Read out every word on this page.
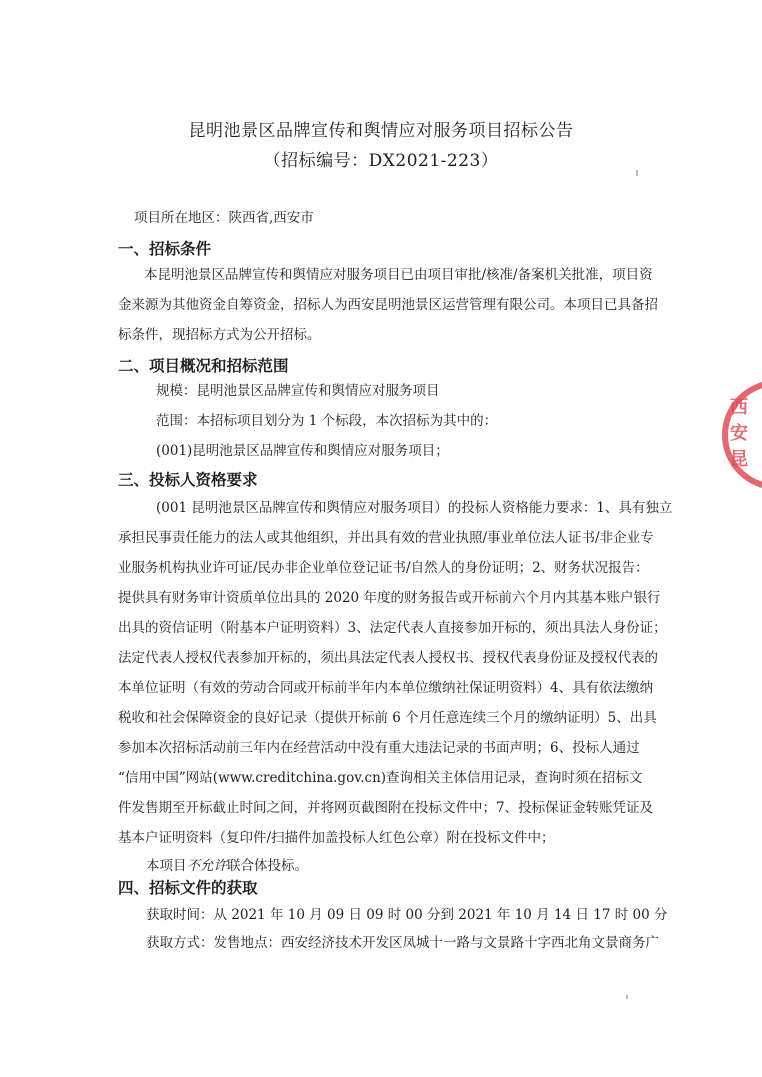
昆明池景区品牌宣传和舆情应对服务项目招标公告
（招标编号：DX2021-223）
项目所在地区：陕西省,西安市
一、招标条件
本昆明池景区品牌宣传和舆情应对服务项目已由项目审批/核准/备案机关批准，项目资
金来源为其他资金自筹资金，招标人为西安昆明池景区运营管理有限公司。本项目已具备招
标条件，现招标方式为公开招标。
二、项目概况和招标范围
规模：昆明池景区品牌宣传和舆情应对服务项目
范围：本招标项目划分为 1 个标段，本次招标为其中的：
(001)昆明池景区品牌宣传和舆情应对服务项目；
三、投标人资格要求
(001 昆明池景区品牌宣传和舆情应对服务项目）的投标人资格能力要求：1、具有独立
承担民事责任能力的法人或其他组织，并出具有效的营业执照/事业单位法人证书/非企业专
业服务机构执业许可证/民办非企业单位登记证书/自然人的身份证明；2、财务状况报告：
提供具有财务审计资质单位出具的 2020 年度的财务报告或开标前六个月内其基本账户银行
出具的资信证明（附基本户证明资料）3、法定代表人直接参加开标的，须出具法人身份证；
法定代表人授权代表参加开标的，须出具法定代表人授权书、授权代表身份证及授权代表的
本单位证明（有效的劳动合同或开标前半年内本单位缴纳社保证明资料）4、具有依法缴纳
税收和社会保障资金的良好记录（提供开标前 6 个月任意连续三个月的缴纳证明）5、出具
参加本次招标活动前三年内在经营活动中没有重大违法记录的书面声明；6、投标人通过
“信用中国”网站(www.creditchina.gov.cn)查询相关主体信用记录，查询时须在招标文
件发售期至开标截止时间之间，并将网页截图附在投标文件中；7、投标保证金转账凭证及
基本户证明资料（复印件/扫描件加盖投标人红色公章）附在投标文件中；
本项目不允许联合体投标。
四、招标文件的获取
获取时间：从 2021 年 10 月 09 日 09 时 00 分到 2021 年 10 月 14 日 17 时 00 分
获取方式：发售地点：西安经济技术开发区凤城十一路与文景路十字西北角文景商务广
西
安
昆
